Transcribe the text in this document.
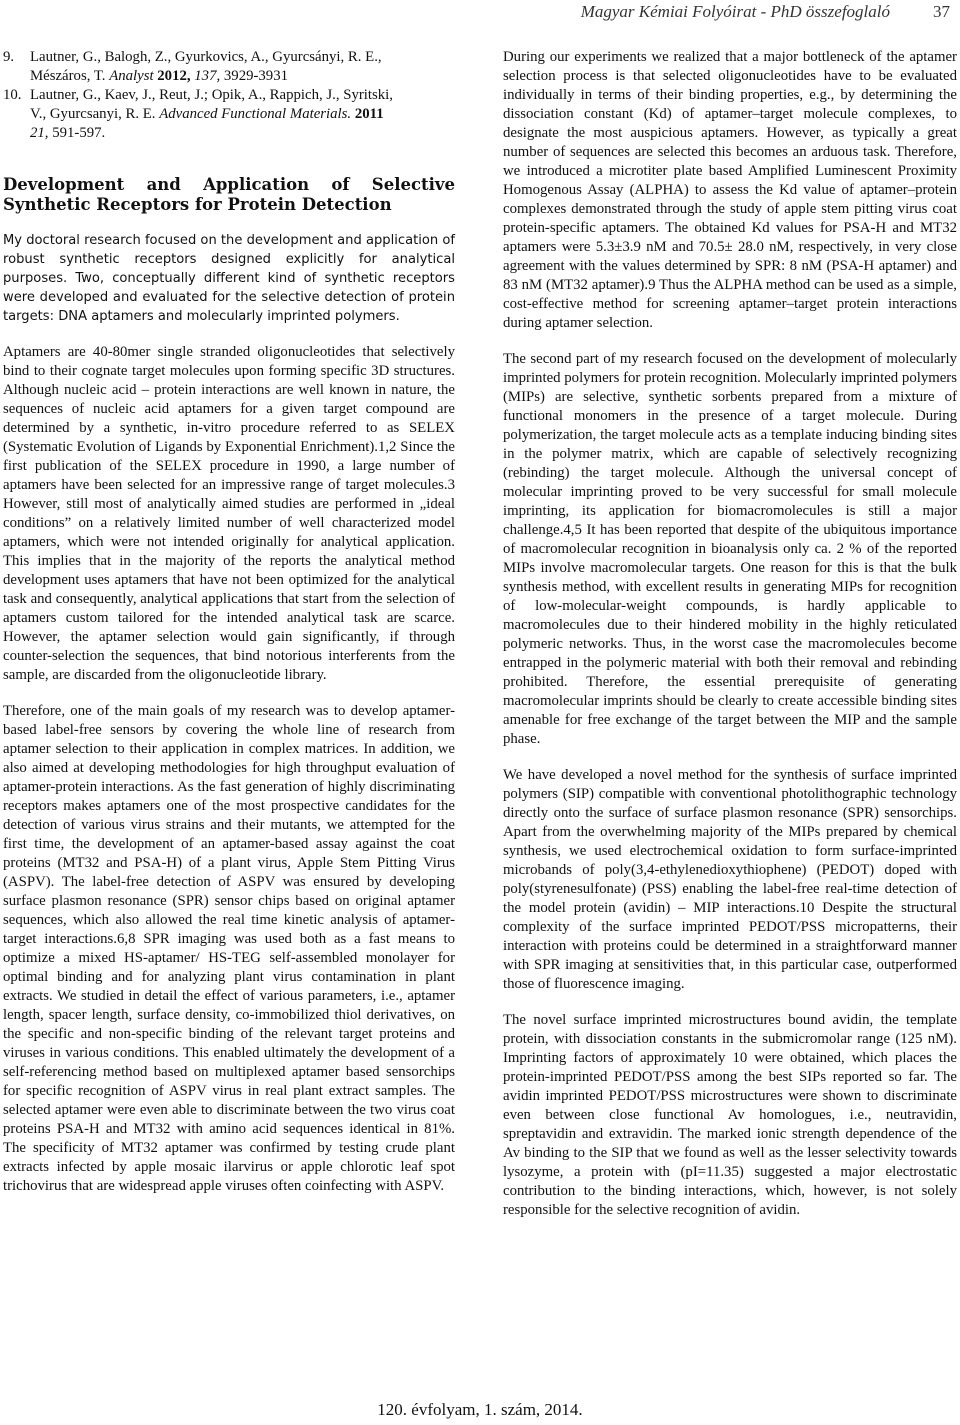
Magyar Kémiai Folyóirat - PhD összefoglaló	37
9. Lautner, G., Balogh, Z., Gyurkovics, A., Gyurcsányi, R. E.,
Mészáros, T. Analyst 2012, 137, 3929-3931
10. Lautner, G., Kaev, J., Reut, J.; Opik, A., Rappich, J., Syritski,
V., Gyurcsanyi, R. E. Advanced Functional Materials. 2011
21, 591-597.
Development and Application of Selective Synthetic Receptors for Protein Detection

My doctoral research focused on the development and application of robust synthetic receptors designed explicitly for analytical purposes. Two, conceptually different kind of synthetic receptors were developed and evaluated for the selective detection of protein targets: DNA aptamers and molecularly imprinted polymers.

Aptamers are 40-80mer single stranded oligonucleotides that selectively bind to their cognate target molecules upon forming specific 3D structures. Although nucleic acid – protein interactions are well known in nature, the sequences of nucleic acid aptamers for a given target compound are determined by a synthetic, in-vitro procedure referred to as SELEX (Systematic Evolution of Ligands by Exponential Enrichment).1,2 Since the first publication of the SELEX procedure in 1990, a large number of aptamers have been selected for an impressive range of target molecules.3 However, still most of analytically aimed studies are performed in „ideal conditions” on a relatively limited number of well characterized model aptamers, which were not intended originally for analytical application. This implies that in the majority of the reports the analytical method development uses aptamers that have not been optimized for the analytical task and consequently, analytical applications that start from the selection of aptamers custom tailored for the intended analytical task are scarce. However, the aptamer selection would gain significantly, if through counter-selection the sequences, that bind notorious interferents from the sample, are discarded from the oligonucleotide library.

Therefore, one of the main goals of my research was to develop aptamer-based label-free sensors by covering the whole line of research from aptamer selection to their application in complex matrices. In addition, we also aimed at developing methodologies for high throughput evaluation of aptamer-protein interactions. As the fast generation of highly discriminating receptors makes aptamers one of the most prospective candidates for the detection of various virus strains and their mutants, we attempted for the first time, the development of an aptamer-based assay against the coat proteins (MT32 and PSA-H) of a plant virus, Apple Stem Pitting Virus (ASPV). The label-free detection of ASPV was ensured by developing surface plasmon resonance (SPR) sensor chips based on original aptamer sequences, which also allowed the real time kinetic analysis of aptamer-target interactions.6,8 SPR imaging was used both as a fast means to optimize a mixed HS-aptamer/ HS-TEG self-assembled monolayer for optimal binding and for analyzing plant virus contamination in plant extracts. We studied in detail the effect of various parameters, i.e., aptamer length, spacer length, surface density, co-immobilized thiol derivatives, on the specific and non-specific binding of the relevant target proteins and viruses in various conditions. This enabled ultimately the development of a self-referencing method based on multiplexed aptamer based sensorchips for specific recognition of ASPV virus in real plant extract samples. The selected aptamer were even able to discriminate between the two virus coat proteins PSA-H and MT32 with amino acid sequences identical in 81%. The specificity of MT32 aptamer was confirmed by testing crude plant extracts infected by apple mosaic ilarvirus or apple chlorotic leaf spot trichovirus that are widespread apple viruses often coinfecting with ASPV.

During our experiments we realized that a major bottleneck of the aptamer selection process is that selected oligonucleotides have to be evaluated individually in terms of their binding properties, e.g., by determining the dissociation constant (Kd) of aptamer–target molecule complexes, to designate the most auspicious aptamers. However, as typically a great number of sequences are selected this becomes an arduous task. Therefore, we introduced a microtiter plate based Amplified Luminescent Proximity Homogenous Assay (ALPHA) to assess the Kd value of aptamer–protein complexes demonstrated through the study of apple stem pitting virus coat protein-specific aptamers. The obtained Kd values for PSA-H and MT32 aptamers were 5.3±3.9 nM and 70.5± 28.0 nM, respectively, in very close agreement with the values determined by SPR: 8 nM (PSA-H aptamer) and 83 nM (MT32 aptamer).9 Thus the ALPHA method can be used as a simple, cost-effective method for screening aptamer–target protein interactions during aptamer selection.

The second part of my research focused on the development of molecularly imprinted polymers for protein recognition. Molecularly imprinted polymers (MIPs) are selective, synthetic sorbents prepared from a mixture of functional monomers in the presence of a target molecule. During polymerization, the target molecule acts as a template inducing binding sites in the polymer matrix, which are capable of selectively recognizing (rebinding) the target molecule. Although the universal concept of molecular imprinting proved to be very successful for small molecule imprinting, its application for biomacromolecules is still a major challenge.4,5 It has been reported that despite of the ubiquitous importance of macromolecular recognition in bioanalysis only ca. 2 % of the reported MIPs involve macromolecular targets. One reason for this is that the bulk synthesis method, with excellent results in generating MIPs for recognition of low-molecular-weight compounds, is hardly applicable to macromolecules due to their hindered mobility in the highly reticulated polymeric networks. Thus, in the worst case the macromolecules become entrapped in the polymeric material with both their removal and rebinding prohibited. Therefore, the essential prerequisite of generating macromolecular imprints should be clearly to create accessible binding sites amenable for free exchange of the target between the MIP and the sample phase.

We have developed a novel method for the synthesis of surface imprinted polymers (SIP) compatible with conventional photolithographic technology directly onto the surface of surface plasmon resonance (SPR) sensorchips. Apart from the overwhelming majority of the MIPs prepared by chemical synthesis, we used electrochemical oxidation to form surface-imprinted microbands of poly(3,4-ethylenedioxythiophene) (PEDOT) doped with poly(styrenesulfonate) (PSS) enabling the label-free real-time detection of the model protein (avidin) – MIP interactions.10 Despite the structural complexity of the surface imprinted PEDOT/PSS micropatterns, their interaction with proteins could be determined in a straightforward manner with SPR imaging at sensitivities that, in this particular case, outperformed those of fluorescence imaging.

The novel surface imprinted microstructures bound avidin, the template protein, with dissociation constants in the submicromolar range (125 nM). Imprinting factors of approximately 10 were obtained, which places the protein-imprinted PEDOT/PSS among the best SIPs reported so far. The avidin imprinted PEDOT/PSS microstructures were shown to discriminate even between close functional Av homologues, i.e., neutravidin, spreptavidin and extravidin. The marked ionic strength dependence of the Av binding to the SIP that we found as well as the lesser selectivity towards lysozyme, a protein with (pI=11.35) suggested a major electrostatic contribution to the binding interactions, which, however, is not solely responsible for the selective recognition of avidin.

120. évfolyam, 1. szám, 2014.
